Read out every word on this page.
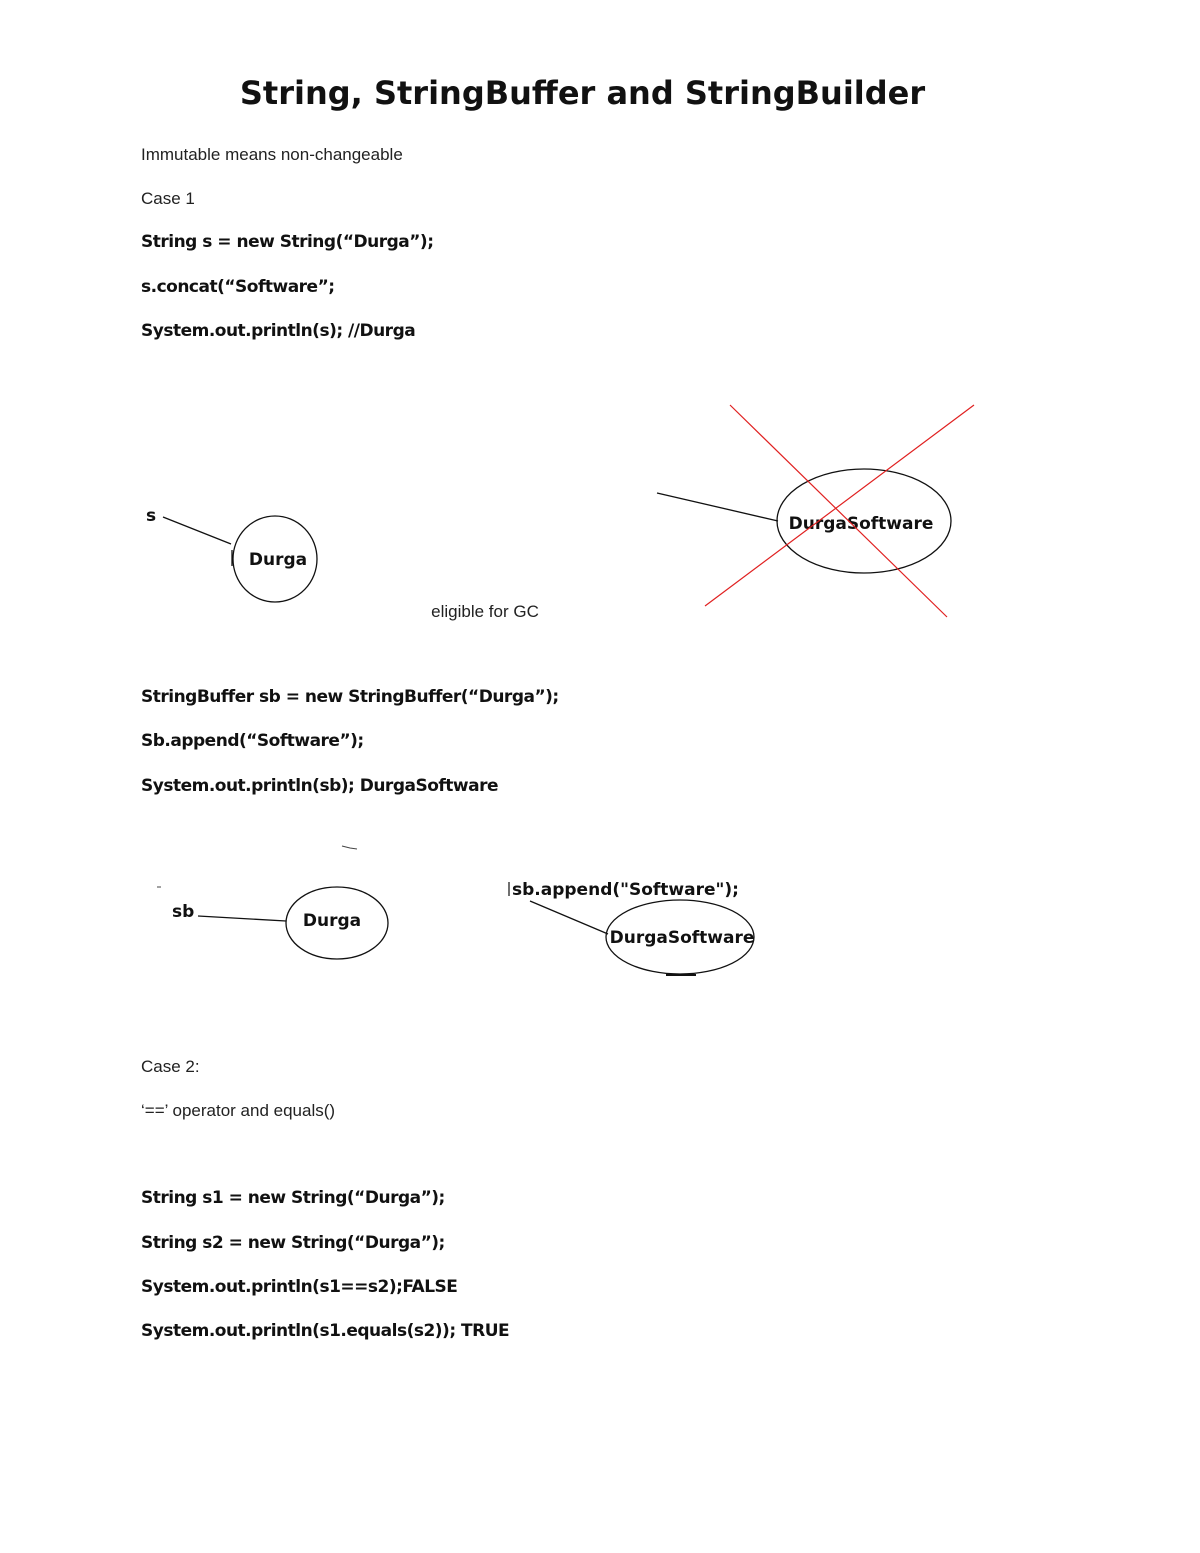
String, StringBuffer and StringBuilder
Immutable means non-changeable
Case 1
String s = new String(“Durga”);
s.concat(“Software”;
System.out.println(s); //Durga
s
Durga
eligible for GC
DurgaSoftware
StringBuffer sb = new StringBuffer(“Durga”);
Sb.append(“Software”);
System.out.println(sb); DurgaSoftware
sb	Durga
sb.append("Software");
DurgaSoftware
Case 2:
‘==’ operator and equals()
String s1 = new String(“Durga”);
String s2 = new String(“Durga”);
System.out.println(s1==s2);FALSE
System.out.println(s1.equals(s2)); TRUE
